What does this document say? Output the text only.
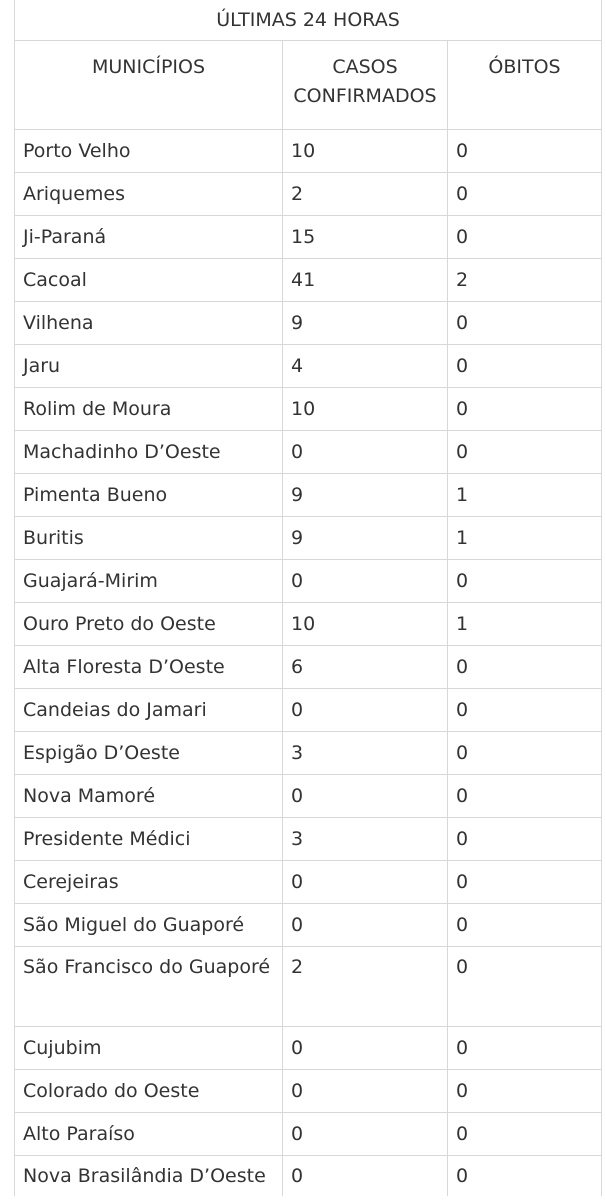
ÚLTIMAS 24 HORAS		
MUNICÍPIOS	CASOS CONFIRMADOS	ÓBITOS
Porto Velho	10	0
Ariquemes	2	0
Ji-Paraná	15	0
Cacoal	41	2
Vilhena	9	0
Jaru	4	0
Rolim de Moura	10	0
Machadinho D’Oeste	0	0
Pimenta Bueno	9	1
Buritis	9	1
Guajará-Mirim	0	0
Ouro Preto do Oeste	10	1
Alta Floresta D’Oeste	6	0
Candeias do Jamari	0	0
Espigão D’Oeste	3	0
Nova Mamoré	0	0
Presidente Médici	3	0
Cerejeiras	0	0
São Miguel do Guaporé	0	0
São Francisco do Guaporé	2	0
Cujubim	0	0
Colorado do Oeste	0	0
Alto Paraíso	0	0
Nova Brasilândia D’Oeste	0	0
